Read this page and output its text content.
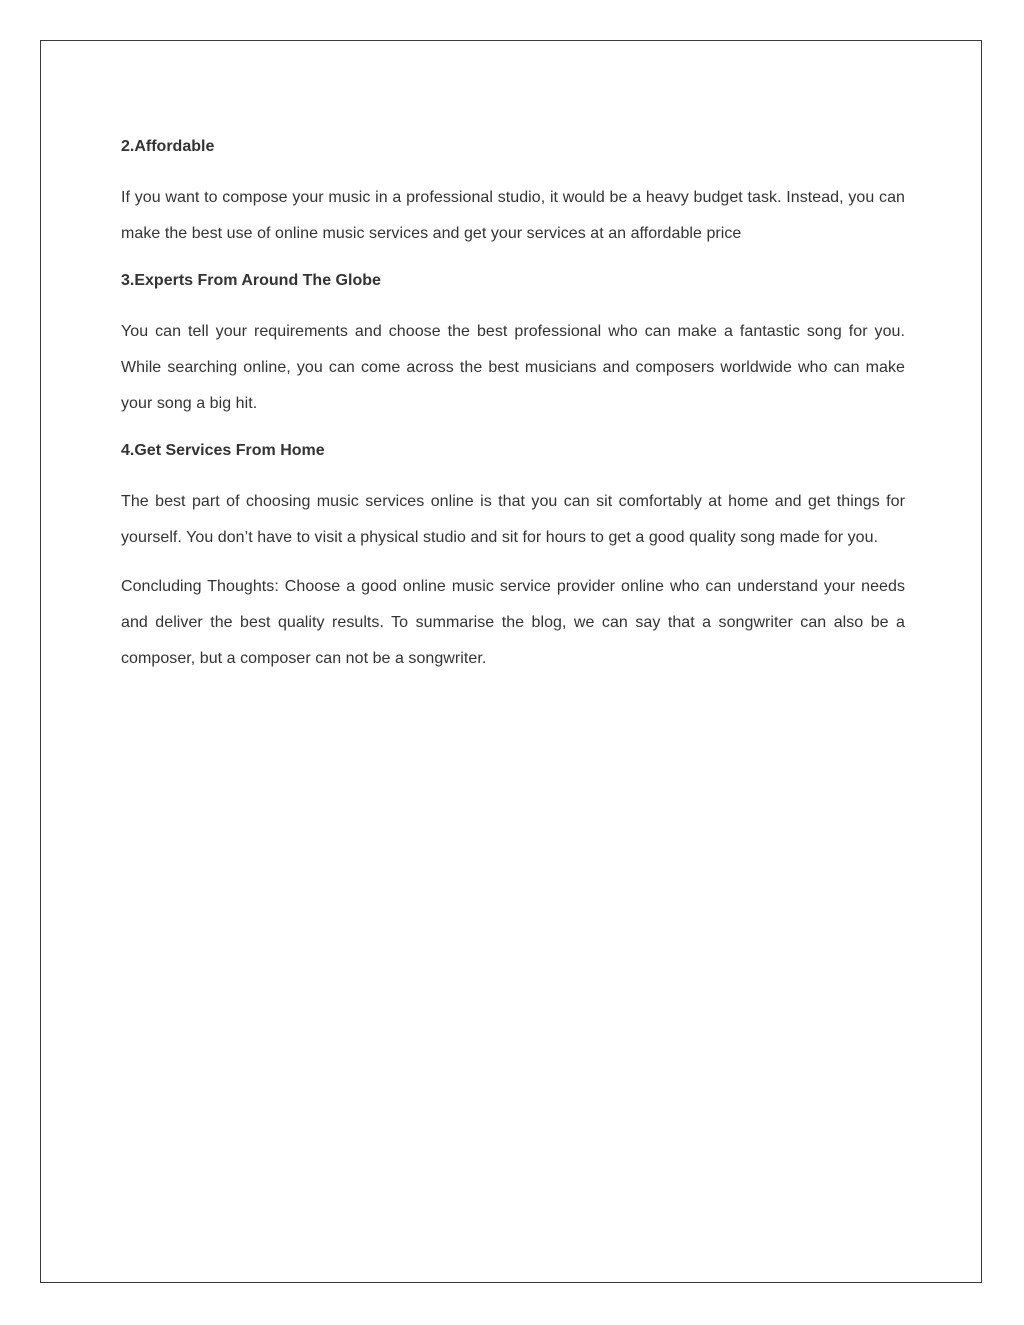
2.Affordable

If you want to compose your music in a professional studio, it would be a heavy budget task. Instead, you can make the best use of online music services and get your services at an affordable price

3.Experts From Around The Globe

You can tell your requirements and choose the best professional who can make a fantastic song for you. While searching online, you can come across the best musicians and composers worldwide who can make your song a big hit.

4.Get Services From Home

The best part of choosing music services online is that you can sit comfortably at home and get things for yourself. You don’t have to visit a physical studio and sit for hours to get a good quality song made for you.

Concluding Thoughts: Choose a good online music service provider online who can understand your needs and deliver the best quality results. To summarise the blog, we can say that a songwriter can also be a composer, but a composer can not be a songwriter.
